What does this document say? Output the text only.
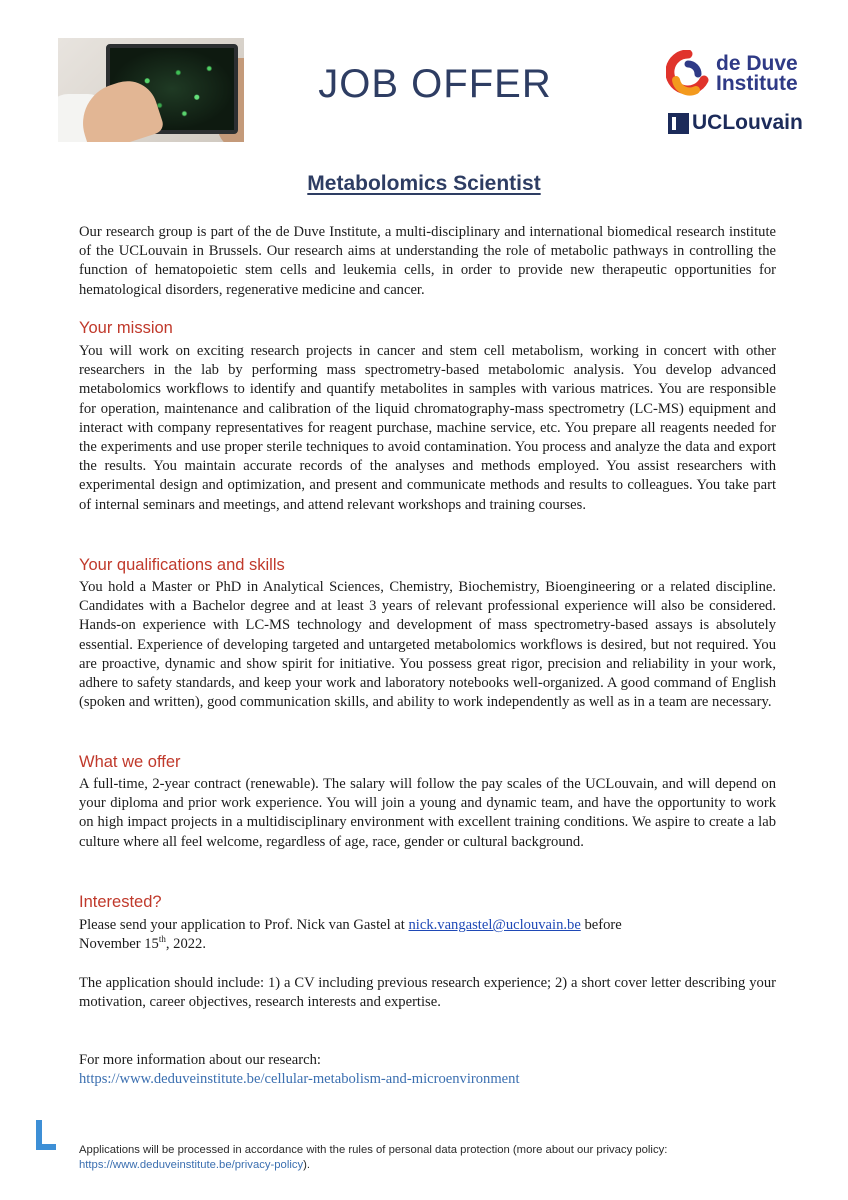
JOB OFFER	de Duve
Institute
UCLouvain
Metabolomics Scientist

Our research group is part of the de Duve Institute, a multi-disciplinary and international biomedical research institute of the UCLouvain in Brussels. Our research aims at understanding the role of metabolic pathways in controlling the function of hematopoietic stem cells and leukemia cells, in order to provide new therapeutic opportunities for hematological disorders, regenerative medicine and cancer.

Your mission

You will work on exciting research projects in cancer and stem cell metabolism, working in concert with other researchers in the lab by performing mass spectrometry-based metabolomic analysis. You develop advanced metabolomics workflows to identify and quantify metabolites in samples with various matrices. You are responsible for operation, maintenance and calibration of the liquid chromatography-mass spectrometry (LC-MS) equipment and interact with company representatives for reagent purchase, machine service, etc. You prepare all reagents needed for the experiments and use proper sterile techniques to avoid contamination. You process and analyze the data and export the results. You maintain accurate records of the analyses and methods employed. You assist researchers with experimental design and optimization, and present and communicate methods and results to colleagues. You take part of internal seminars and meetings, and attend relevant workshops and training courses.

Your qualifications and skills

You hold a Master or PhD in Analytical Sciences, Chemistry, Biochemistry, Bioengineering or a related discipline. Candidates with a Bachelor degree and at least 3 years of relevant professional experience will also be considered. Hands-on experience with LC-MS technology and development of mass spectrometry-based assays is absolutely essential. Experience of developing targeted and untargeted metabolomics workflows is desired, but not required. You are proactive, dynamic and show spirit for initiative. You possess great rigor, precision and reliability in your work, adhere to safety standards, and keep your work and laboratory notebooks well-organized. A good command of English (spoken and written), good communication skills, and ability to work independently as well as in a team are necessary.

What we offer

A full-time, 2-year contract (renewable). The salary will follow the pay scales of the UCLouvain, and will depend on your diploma and prior work experience. You will join a young and dynamic team, and have the opportunity to work on high impact projects in a multidisciplinary environment with excellent training conditions. We aspire to create a lab culture where all feel welcome, regardless of age, race, gender or cultural background.

Interested?

Please send your application to Prof. Nick van Gastel at nick.vangastel@uclouvain.be before
November 15th, 2022.

The application should include: 1) a CV including previous research experience; 2) a short cover letter describing your motivation, career objectives, research interests and expertise.

For more information about our research:
https://www.deduveinstitute.be/cellular-metabolism-and-microenvironment

Applications will be processed in accordance with the rules of personal data protection (more about our privacy policy:
https://www.deduveinstitute.be/privacy-policy).
